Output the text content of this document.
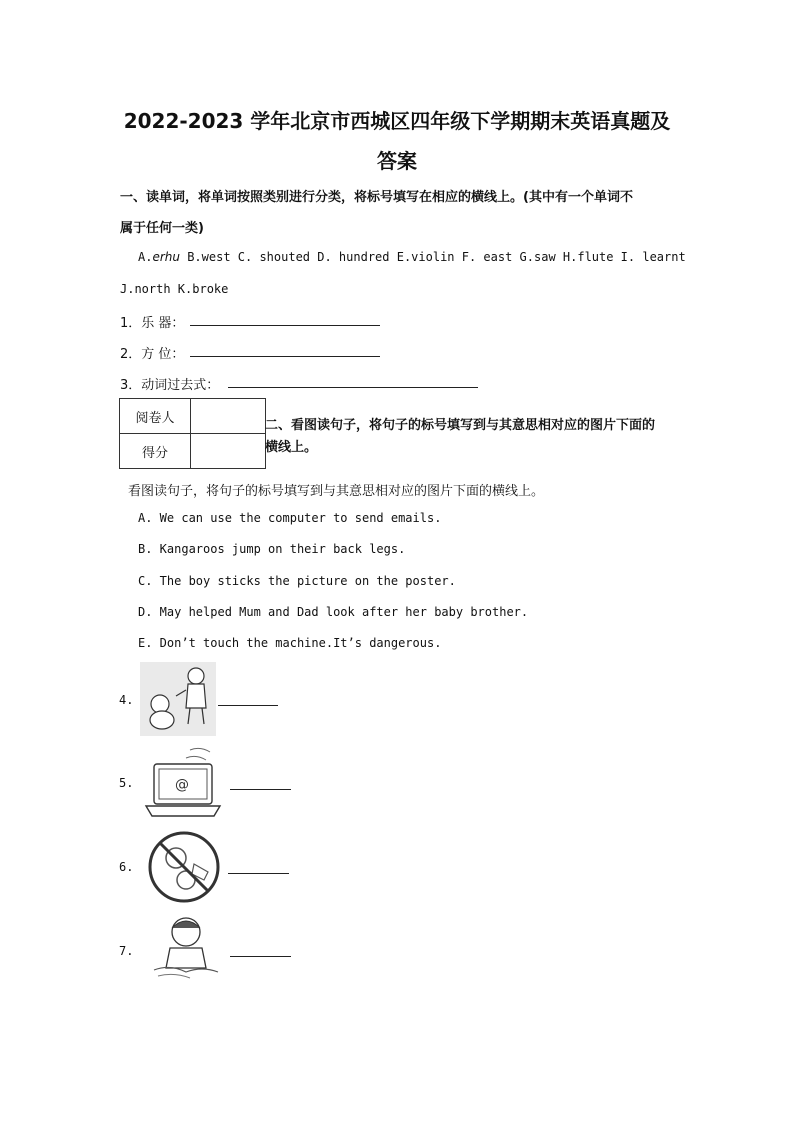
2022-2023 学年北京市西城区四年级下学期期末英语真题及
答案
一、读单词，将单词按照类别进行分类，将标号填写在相应的横线上。(其中有一个单词不
属于任何一类)
A.erhu B.west C. shouted D. hundred E.violin F. east G.saw H.flute I. learnt
J.north K.broke
1．乐 器：
2．方 位：
3．动词过去式：
阅卷人	
得分	
二、看图读句子，将句子的标号填写到与其意思相对应的图片下面的
横线上。
看图读句子，将句子的标号填写到与其意思相对应的图片下面的横线上。
A. We can use the computer to send emails.
B. Kangaroos jump on their back legs.
C. The boy sticks the picture on the poster.
D. May helped Mum and Dad look after her baby brother.
E. Don’t touch the machine.It’s dangerous.
4.
5.	@
6.
7.
